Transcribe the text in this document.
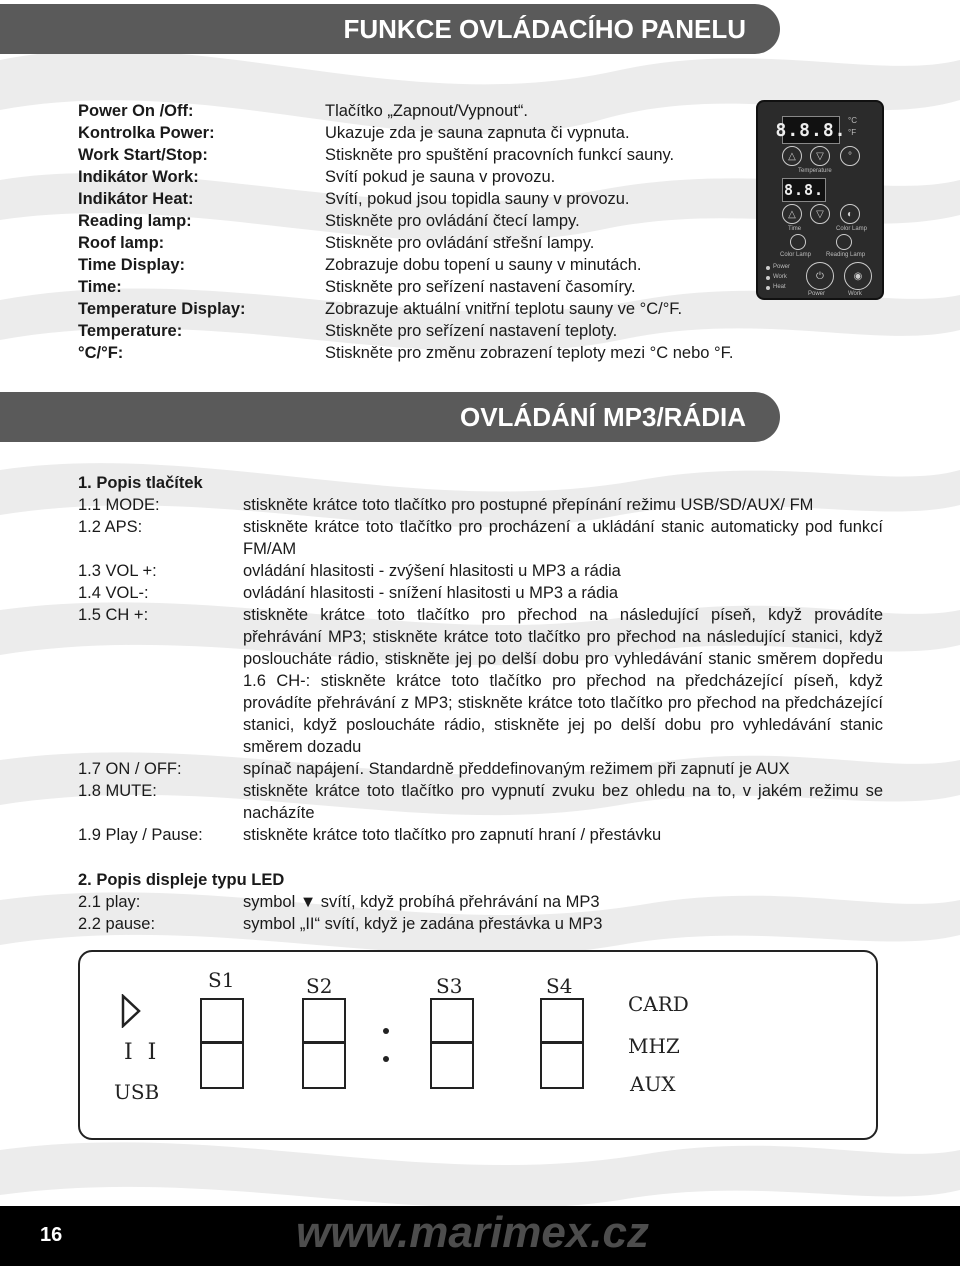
FUNKCE OVLÁDACÍHO PANELU
Power On /Off:	Tlačítko „Zapnout/Vypnout“.
Kontrolka Power:	Ukazuje zda je sauna zapnuta či vypnuta.
Work Start/Stop:	Stiskněte pro spuštění pracovních funkcí sauny.
Indikátor Work:	Svítí pokud je sauna v provozu.
Indikátor Heat:	Svítí, pokud jsou topidla sauny v provozu.
Reading lamp:	Stiskněte pro ovládání čtecí lampy.
Roof lamp:	Stiskněte pro ovládání střešní lampy.
Time Display:	Zobrazuje dobu topení u sauny v minutách.
Time:	Stiskněte pro seřízení nastavení časomíry.
Temperature Display:	Zobrazuje aktuální vnitřní teplotu sauny ve °C/°F.
Temperature:	Stiskněte pro seřízení nastavení teploty.
°C/°F:	Stiskněte pro změnu zobrazení teploty mezi °C nebo °F.
8.8.8. °C
°F
△	▽	°
Temperature
8.8.
△	▽	◐
Time	Color Lamp
Color Lamp Reading Lamp
Power
Work
Heat
⏻	◉
Power	Work
OVLÁDÁNÍ MP3/RÁDIA
1. Popis tlačítek
1.1 MODE:	stiskněte krátce toto tlačítko pro postupné přepínání režimu USB/SD/AUX/ FM
1.2 APS:	stiskněte krátce toto tlačítko pro procházení a ukládání stanic automaticky pod funkcí FM/AM
1.3 VOL +:	ovládání hlasitosti - zvýšení hlasitosti u MP3 a rádia
1.4 VOL-:	ovládání hlasitosti - snížení hlasitosti u MP3 a rádia
1.5 CH +:	stiskněte krátce toto tlačítko pro přechod na následující píseň, když provádíte přehrávání MP3; stiskněte krátce toto tlačítko pro přechod na následující stanici, když posloucháte rádio, stiskněte jej po delší dobu pro vyhledávání stanic směrem dopředu 1.6 CH-: stiskněte krátce toto tlačítko pro přechod na předcházející píseň, když provádíte přehrávání z MP3; stiskněte krátce toto tlačítko pro přechod na předcházející stanici, když posloucháte rádio, stiskněte jej po delší dobu pro vyhledávání stanic směrem dozadu
1.7 ON / OFF:	spínač napájení. Standardně předdefinovaným režimem při zapnutí je AUX
1.8 MUTE:	stiskněte krátce toto tlačítko pro vypnutí zvuku bez ohledu na to, v jakém režimu se nacházíte
1.9 Play / Pause:	stiskněte krátce toto tlačítko pro zapnutí hraní / přestávku
2. Popis displeje typu LED
2.1 play:	symbol ▼ svítí, když probíhá přehrávání na MP3
2.2 pause:	symbol „II“ svítí, když je zadána přestávka u MP3
I I
USB
S1	S2	S3	S4
CARD
MHZ
AUX
16	www.marimex.cz
